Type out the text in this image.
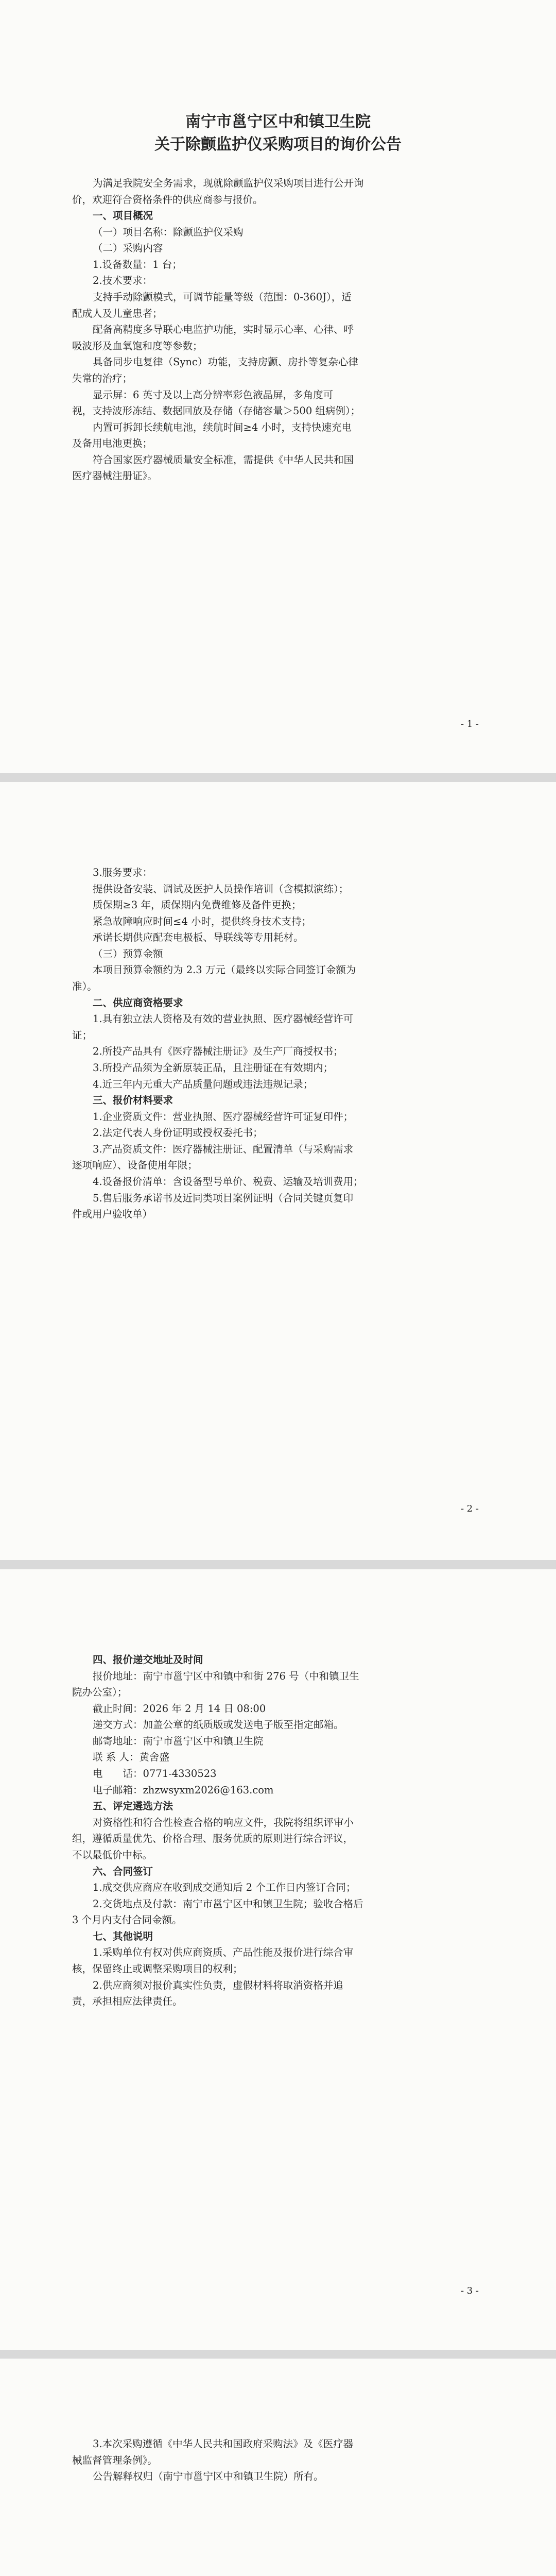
南宁市邕宁区中和镇卫生院
关于除颤监护仪采购项目的询价公告
为满足我院安全务需求，现就除颤监护仪采购项目进行公开询
价，欢迎符合资格条件的供应商参与报价。
一、项目概况
（一）项目名称：除颤监护仪采购
（二）采购内容
1.设备数量：1 台；
2.技术要求：
支持手动除颤模式，可调节能量等级（范围：0-360J），适
配成人及儿童患者；
配备高精度多导联心电监护功能，实时显示心率、心律、呼
吸波形及血氧饱和度等参数；
具备同步电复律（Sync）功能，支持房颤、房扑等复杂心律
失常的治疗；
显示屏：6 英寸及以上高分辨率彩色液晶屏，多角度可
视，支持波形冻结、数据回放及存储（存储容量＞500 组病例）；
内置可拆卸长续航电池，续航时间≥4 小时，支持快速充电
及备用电池更换；
符合国家医疗器械质量安全标准，需提供《中华人民共和国
医疗器械注册证》。
- 1 -
3.服务要求：
提供设备安装、调试及医护人员操作培训（含模拟演练）；
质保期≥3 年，质保期内免费维修及备件更换；
紧急故障响应时间≤4 小时，提供终身技术支持；
承诺长期供应配套电极板、导联线等专用耗材。
（三）预算金额
本项目预算金额约为 2.3 万元（最终以实际合同签订金额为
准）。
二、供应商资格要求
1.具有独立法人资格及有效的营业执照、医疗器械经营许可
证；
2.所投产品具有《医疗器械注册证》及生产厂商授权书；
3.所投产品须为全新原装正品，且注册证在有效期内；
4.近三年内无重大产品质量问题或违法违规记录；
三、报价材料要求
1.企业资质文件：营业执照、医疗器械经营许可证复印件；
2.法定代表人身份证明或授权委托书；
3.产品资质文件：医疗器械注册证、配置清单（与采购需求
逐项响应）、设备使用年限；
4.设备报价清单：含设备型号单价、税费、运输及培训费用；
5.售后服务承诺书及近同类项目案例证明（合同关键页复印
件或用户验收单）
- 2 -
四、报价递交地址及时间
报价地址：南宁市邕宁区中和镇中和街 276 号（中和镇卫生
院办公室）；
截止时间：2026 年 2 月 14 日 08:00
递交方式：加盖公章的纸质版或发送电子版至指定邮箱。
邮寄地址：南宁市邕宁区中和镇卫生院
联 系 人：黄舍盛
电　　话：0771-4330523
电子邮箱：zhzwsyxm2026@163.com
五、评定遴选方法
对资格性和符合性检查合格的响应文件，我院将组织评审小
组，遵循质量优先、价格合理、服务优质的原则进行综合评议，
不以最低价中标。
六、合同签订
1.成交供应商应在收到成交通知后 2 个工作日内签订合同；
2.交货地点及付款：南宁市邕宁区中和镇卫生院；验收合格后
3 个月内支付合同金额。
七、其他说明
1.采购单位有权对供应商资质、产品性能及报价进行综合审
核，保留终止或调整采购项目的权利；
2.供应商须对报价真实性负责，虚假材料将取消资格并追
责，承担相应法律责任。
- 3 -
3.本次采购遵循《中华人民共和国政府采购法》及《医疗器
械监督管理条例》。
公告解释权归（南宁市邕宁区中和镇卫生院）所有。
